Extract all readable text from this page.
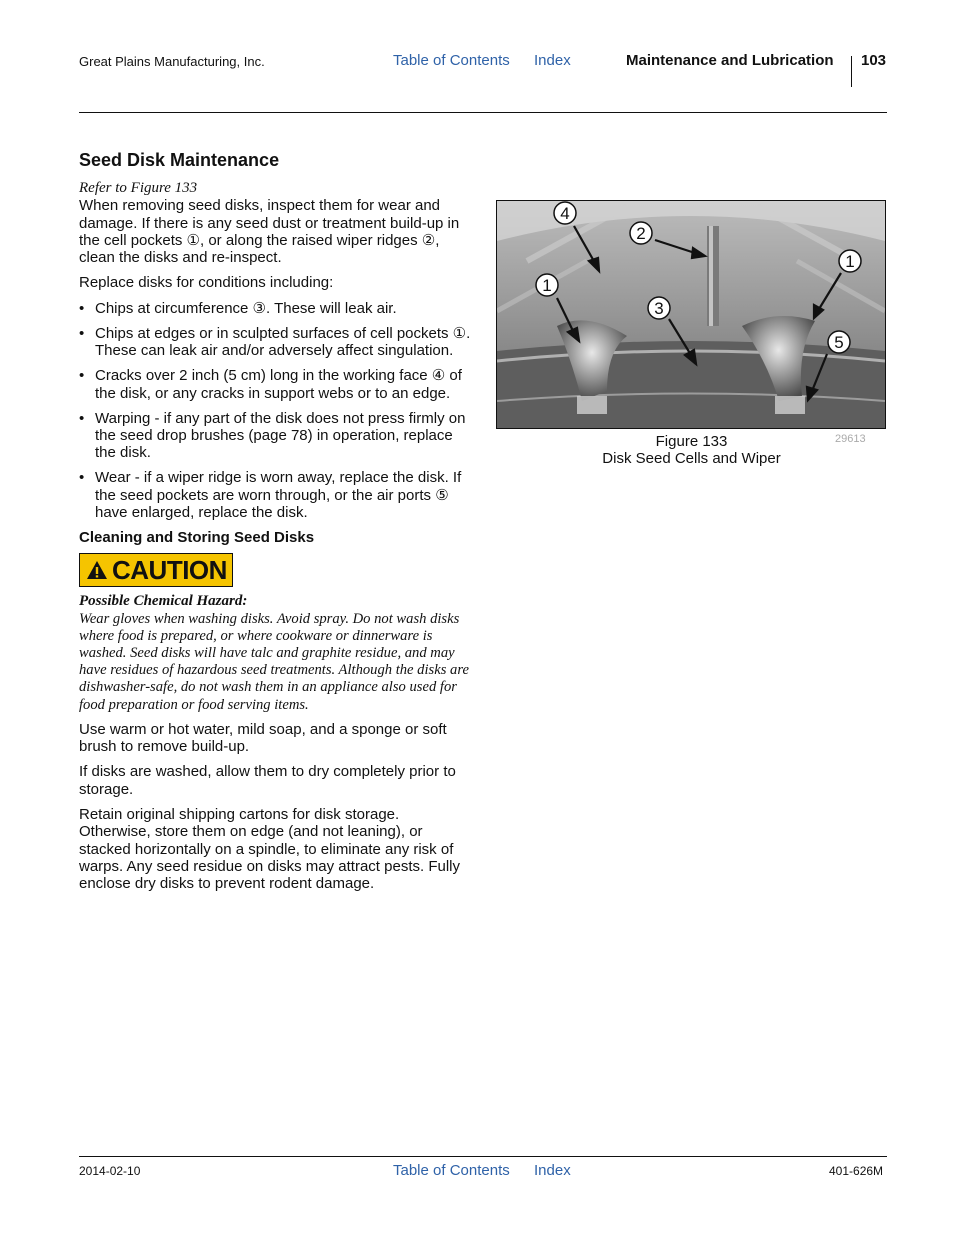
Great Plains Manufacturing, Inc.	Table of Contents Index	Maintenance and Lubrication 103
Seed Disk Maintenance

Refer to Figure 133

When removing seed disks, inspect them for wear and damage. If there is any seed dust or treatment build-up in the cell pockets ①, or along the raised wiper ridges ②, clean the disks and re-inspect.

Replace disks for conditions including:

• Chips at circumference ③. These will leak air.
• Chips at edges or in sculpted surfaces of cell pockets ①. These can leak air and/or adversely affect singulation.
• Cracks over 2 inch (5 cm) long in the working face ④ of the disk, or any cracks in support webs or to an edge.
• Warping - if any part of the disk does not press firmly on the seed drop brushes (page 78) in operation, replace the disk.
• Wear - if a wiper ridge is worn away, replace the disk. If the seed pockets are worn through, or the air ports ⑤ have enlarged, replace the disk.

Cleaning and Storing Seed Disks

CAUTION

Possible Chemical Hazard:

Wear gloves when washing disks. Avoid spray. Do not wash disks where food is prepared, or where cookware or dinnerware is washed. Seed disks will have talc and graphite residue, and may have residues of hazardous seed treatments. Although the disks are dishwasher-safe, do not wash them in an appliance also used for food preparation or food serving items.

Use warm or hot water, mild soap, and a sponge or soft brush to remove build-up.

If disks are washed, allow them to dry completely prior to storage.

Retain original shipping cartons for disk storage. Otherwise, store them on edge (and not leaning), or stacked horizontally on a spindle, to eliminate any risk of warps. Any seed residue on disks may attract pests. Fully enclose dry disks to prevent rodent damage.

4
2
1
1
3
5
Figure 133
Disk Seed Cells and Wiper
29613
2014-02-10	Table of Contents Index	401-626M
